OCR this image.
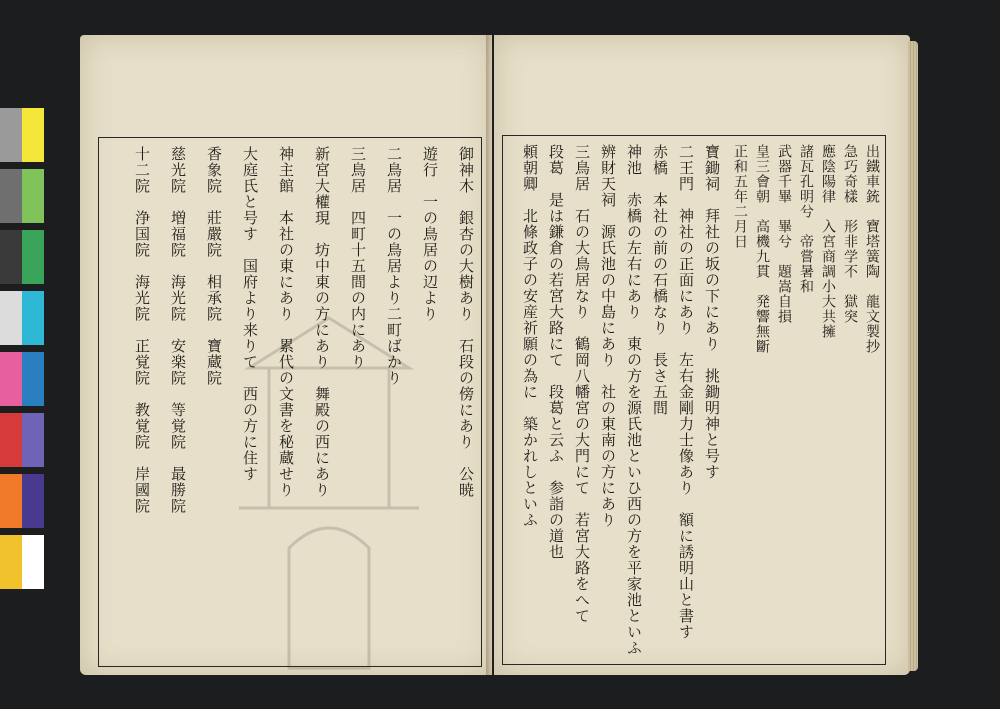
御神木　銀杏の大樹あり　石段の傍にあり　公暁
遊行　一の鳥居の辺より
二鳥居　一の鳥居より二町ばかり
三鳥居　四町十五間の内にあり
新宮大權現　坊中東の方にあり　舞殿の西にあり
神主館　本社の東にあり　累代の文書を秘蔵せり
大庭氏と号す　国府より来りて　西の方に住す
香象院　莊嚴院　相承院　寶蔵院
慈光院　増福院　海光院　安楽院　等覚院　最勝院
十二院　浄国院　海光院　正覚院　教覚院　岸國院	出鐵車銃　寶塔簧陶　龍文製抄
急巧奇樣　形非学不　獄突
應陰陽律　入宮商調小大共擁
諸瓦孔明兮　帝嘗暑和
武器千畢　畢兮　題嵩自損
皇三會朝　高機九貫　発響無斷
正和五年二月日
寶鋤祠　拜社の坂の下にあり　挑鋤明神と号す
二王門　神社の正面にあり　左右金剛力士像あり　額に誘明山と書す
赤橋　本社の前の石橋なり　長さ五間
神池　赤橋の左右にあり　東の方を源氏池といひ西の方を平家池といふ
辨財天祠　源氏池の中島にあり　社の東南の方にあり
三鳥居　石の大鳥居なり　鶴岡八幡宮の大門にて　若宮大路をへて
段葛　是は鎌倉の若宮大路にて　段葛と云ふ　参詣の道也
頼朝卿　北條政子の安産祈願の為に　築かれしといふ
